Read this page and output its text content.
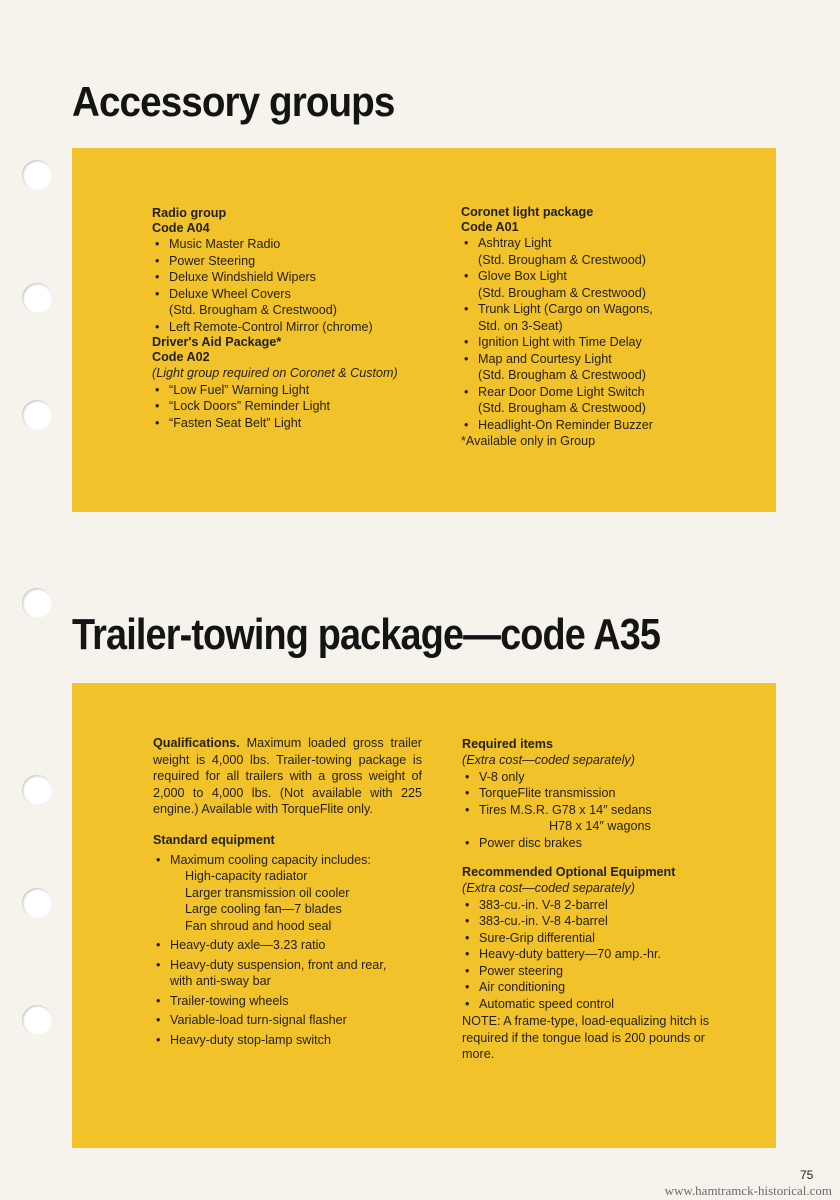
Accessory groups
Radio group
Code A04
• Music Master Radio
• Power Steering
• Deluxe Windshield Wipers
• Deluxe Wheel Covers
(Std. Brougham & Crestwood)
• Left Remote-Control Mirror (chrome)
Driver's Aid Package*
Code A02
(Light group required on Coronet & Custom)
• “Low Fuel” Warning Light
• “Lock Doors” Reminder Light
• “Fasten Seat Belt” Light
Coronet light package
Code A01
• Ashtray Light
(Std. Brougham & Crestwood)
• Glove Box Light
(Std. Brougham & Crestwood)
• Trunk Light (Cargo on Wagons,
Std. on 3-Seat)
• Ignition Light with Time Delay
• Map and Courtesy Light
(Std. Brougham & Crestwood)
• Rear Door Dome Light Switch
(Std. Brougham & Crestwood)
• Headlight-On Reminder Buzzer
*Available only in Group
Trailer-towing package—code A35
Qualifications. Maximum loaded gross trailer weight is 4,000 lbs. Trailer-towing package is required for all trailers with a gross weight of 2,000 to 4,000 lbs. (Not available with 225 engine.) Available with TorqueFlite only.
Standard equipment
• Maximum cooling capacity includes:
High-capacity radiator
Larger transmission oil cooler
Large cooling fan—7 blades
Fan shroud and hood seal
• Heavy-duty axle—3.23 ratio
• Heavy-duty suspension, front and rear,
with anti-sway bar
• Trailer-towing wheels
• Variable-load turn-signal flasher
• Heavy-duty stop-lamp switch
Required items
(Extra cost—coded separately)
• V-8 only
• TorqueFlite transmission
• Tires M.S.R. G78 x 14″ sedans
H78 x 14″ wagons
• Power disc brakes
Recommended Optional Equipment
(Extra cost—coded separately)
• 383-cu.-in. V-8 2-barrel
• 383-cu.-in. V-8 4-barrel
• Sure-Grip differential
• Heavy-duty battery—70 amp.-hr.
• Power steering
• Air conditioning
• Automatic speed control
NOTE: A frame-type, load-equalizing hitch is required if the tongue load is 200 pounds or more.
75
www.hamtramck-historical.com
